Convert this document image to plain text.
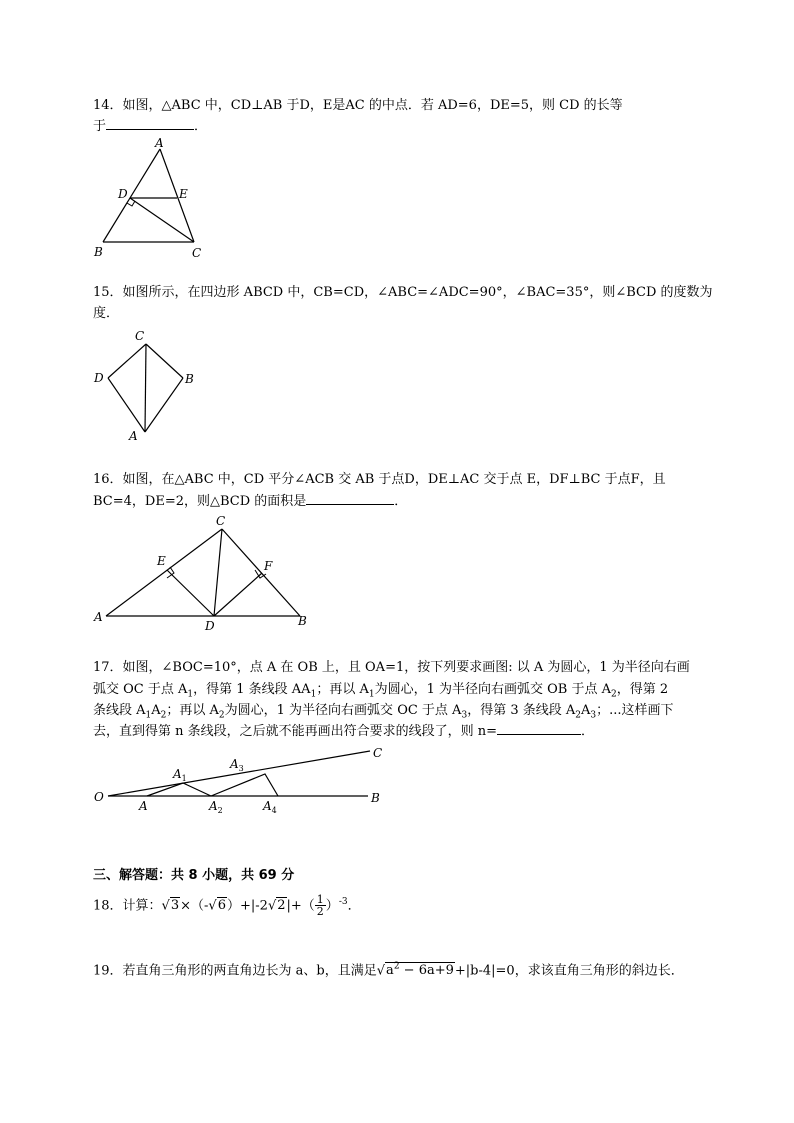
14．如图，△ABC 中，CD⊥AB 于D，E是AC 的中点．若 AD=6，DE=5，则 CD 的长等
于	．
A
D	E
B	C
15．如图所示，在四边形 ABCD 中，CB=CD，∠ABC=∠ADC=90°，∠BAC=35°，则∠BCD 的度数为
度．
C
D	B
A
16．如图，在△ABC 中，CD 平分∠ACB 交 AB 于点D，DE⊥AC 交于点 E，DF⊥BC 于点F，且
BC=4，DE=2，则△BCD 的面积是	．
C
E	F
A
D	B
17．如图，∠BOC=10°，点 A 在 OB 上，且 OA=1，按下列要求画图: 以 A 为圆心，1 为半径向右画
弧交 OC 于点 $A_1$，得第 1 条线段 $AA_1$；再以 $A_1$为圆心，1 为半径向右画弧交 OB 于点 $A_2$，得第 2
条线段 $A_1A_2$；再以 $A_2$为圆心，1 为半径向右画弧交 OC 于点 $A_3$，得第 3 条线段 $A_2A_3$；...这样画下
去，直到得第 n 条线段，之后就不能再画出符合要求的线段了，则 n=	．
O
A
$A_1$
$A_2$
$A_3$
$A_4$
B
C
三、解答题：共 8 小题，共 69 分
18．计算：$√3\times(-√6)+|-2√2|+( \frac{1}{2} )^{-3}$．
19．若直角三角形的两直角边长为 a、b，且满足$√a^2 - 6a+9+|b-4|=0$，求该直角三角形的斜边长．
